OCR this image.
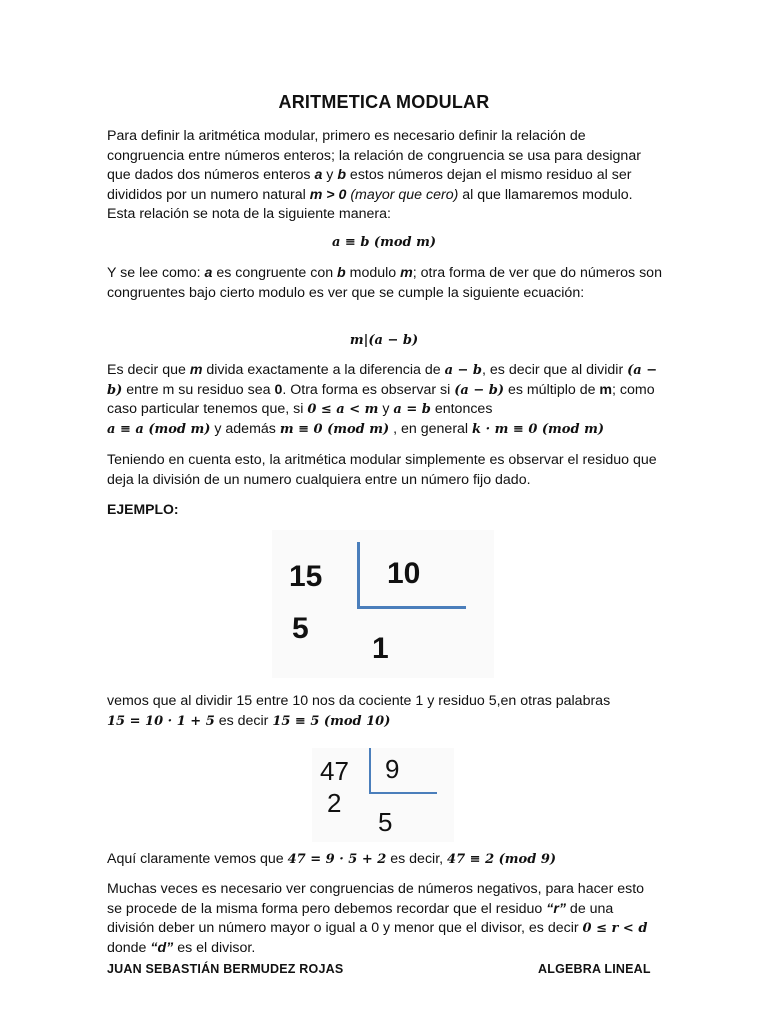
ARITMETICA MODULAR
Para definir la aritmética modular, primero es necesario definir la relación de congruencia entre números enteros; la relación de congruencia se usa para designar que dados dos números enteros a y b estos números dejan el mismo residuo al ser divididos por un numero natural m > 0 (mayor que cero) al que llamaremos modulo. Esta relación se nota de la siguiente manera:
a ≡ b (mod m)
Y se lee como: a es congruente con b modulo m; otra forma de ver que do números son congruentes bajo cierto modulo es ver que se cumple la siguiente ecuación:
m|(a − b)
Es decir que m divida exactamente a la diferencia de a − b, es decir que al dividir (a − b) entre m su residuo sea 0. Otra forma es observar si (a − b) es múltiplo de m; como caso particular tenemos que, si 0 ≤ a < m y a = b entonces
a ≡ a (mod m) y además m ≡ 0 (mod m) , en general k · m ≡ 0 (mod m)
Teniendo en cuenta esto, la aritmética modular simplemente es observar el residuo que deja la división de un numero cualquiera entre un número fijo dado.
EJEMPLO:
15 10
5
1
vemos que al dividir 15 entre 10 nos da cociente 1 y residuo 5,en otras palabras
15 = 10 · 1 + 5 es decir 15 ≡ 5 (mod 10)
47 9
2
5
Aquí claramente vemos que 47 = 9 · 5 + 2 es decir, 47 ≡ 2 (mod 9)
Muchas veces es necesario ver congruencias de números negativos, para hacer esto se procede de la misma forma pero debemos recordar que el residuo “r” de una división deber un número mayor o igual a 0 y menor que el divisor, es decir 0 ≤ r < d donde “d” es el divisor.
JUAN SEBASTIÁN BERMUDEZ ROJAS	ALGEBRA LINEAL
